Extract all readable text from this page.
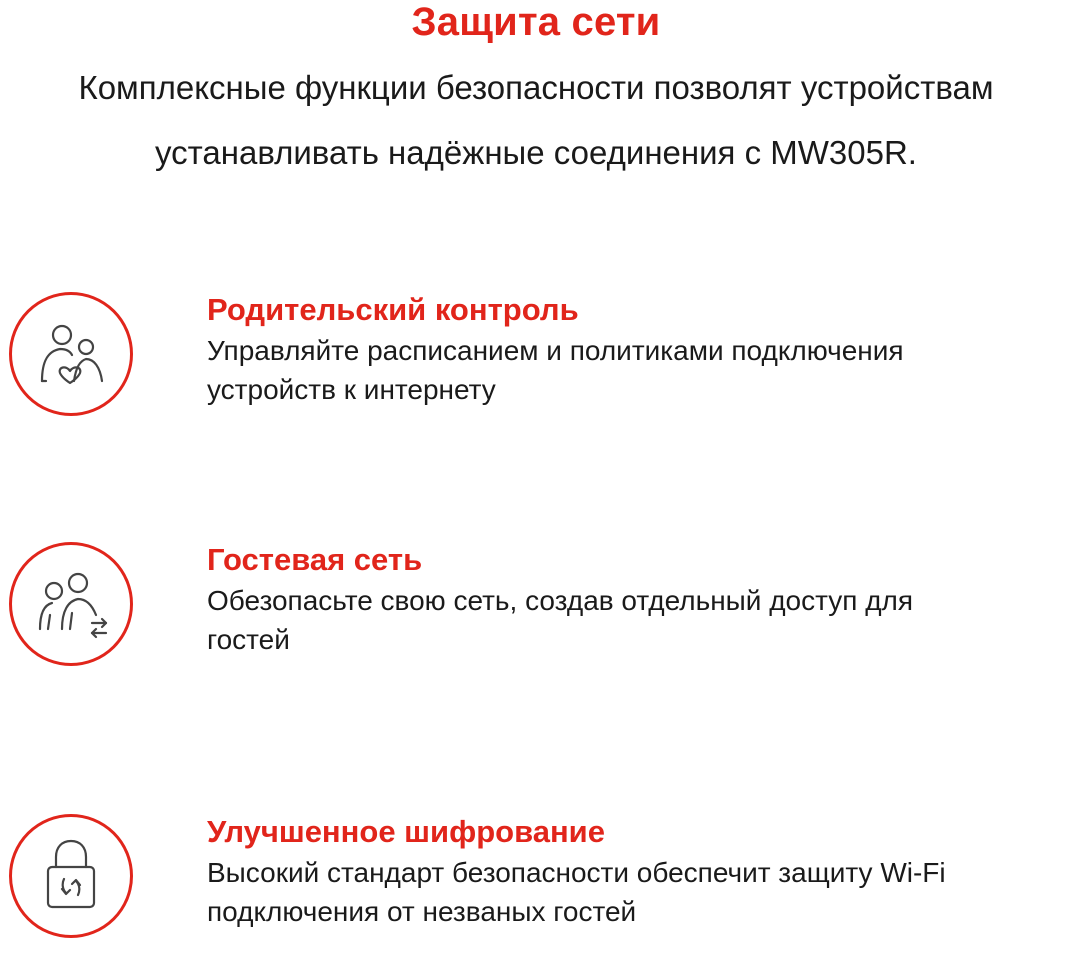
Защита сети
Комплексные функции безопасности позволят устройствам
устанавливать надёжные соединения с MW305R.
Родительский контроль
Управляйте расписанием и политиками подключения
устройств к интернету
Гостевая сеть
Обезопасьте свою сеть, создав отдельный доступ для
гостей
Улучшенное шифрование
Высокий стандарт безопасности обеспечит защиту Wi-Fi
подключения от незваных гостей
